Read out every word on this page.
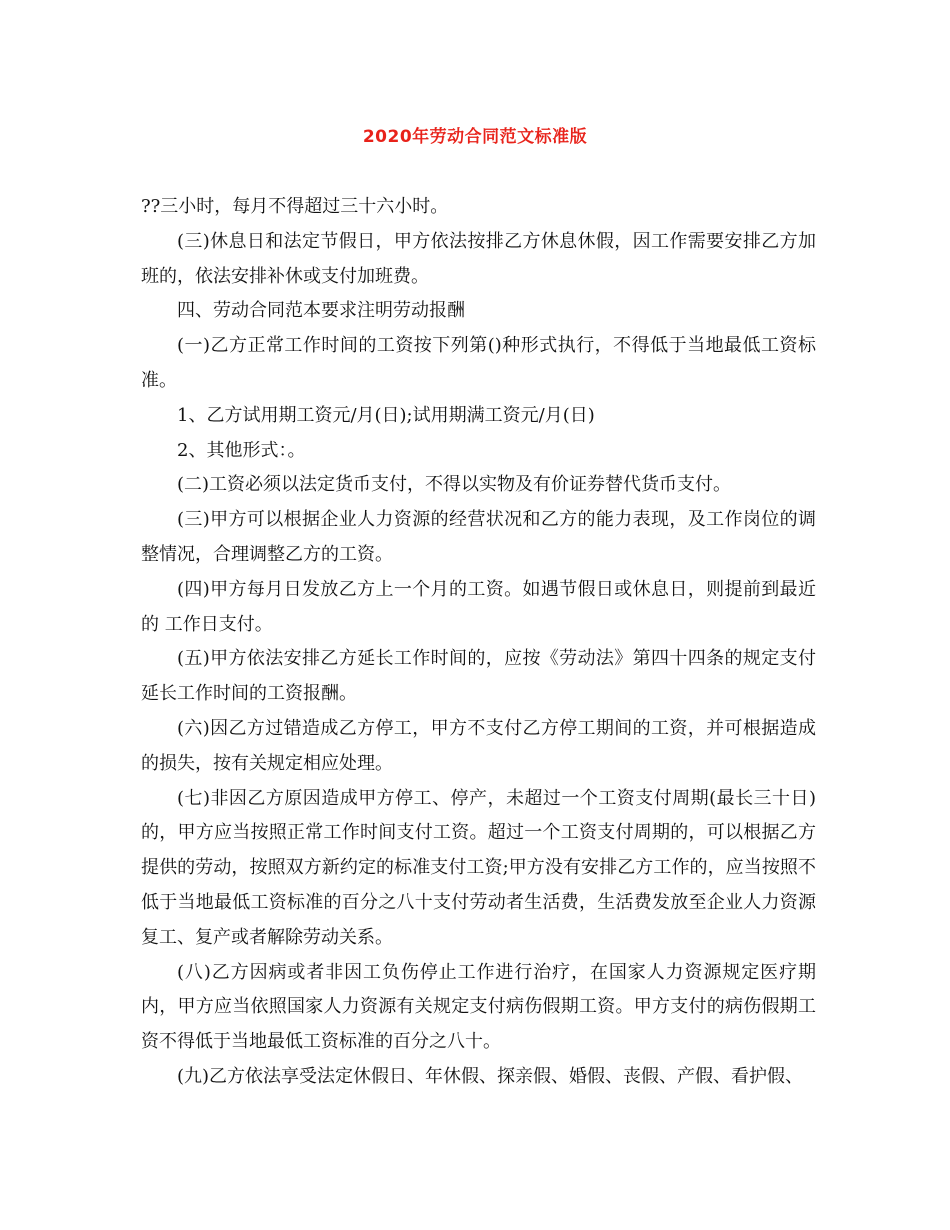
2020年劳动合同范文标准版

??三小时，每月不得超过三十六小时。

(三)休息日和法定节假日，甲方依法按排乙方休息休假，因工作需要安排乙方加班的，依法安排补休或支付加班费。

四、劳动合同范本要求注明劳动报酬

(一)乙方正常工作时间的工资按下列第()种形式执行，不得低于当地最低工资标准。

1、乙方试用期工资元/月(日);试用期满工资元/月(日)

2、其他形式：。

(二)工资必须以法定货币支付，不得以实物及有价证券替代货币支付。

(三)甲方可以根据企业人力资源的经营状况和乙方的能力表现，及工作岗位的调整情况，合理调整乙方的工资。

(四)甲方每月日发放乙方上一个月的工资。如遇节假日或休息日，则提前到最近的 工作日支付。

(五)甲方依法安排乙方延长工作时间的，应按《劳动法》第四十四条的规定支付延长工作时间的工资报酬。

(六)因乙方过错造成乙方停工，甲方不支付乙方停工期间的工资，并可根据造成的损失，按有关规定相应处理。

(七)非因乙方原因造成甲方停工、停产，未超过一个工资支付周期(最长三十日)的，甲方应当按照正常工作时间支付工资。超过一个工资支付周期的，可以根据乙方提供的劳动，按照双方新约定的标准支付工资;甲方没有安排乙方工作的，应当按照不低于当地最低工资标准的百分之八十支付劳动者生活费，生活费发放至企业人力资源复工、复产或者解除劳动关系。

(八)乙方因病或者非因工负伤停止工作进行治疗，在国家人力资源规定医疗期内，甲方应当依照国家人力资源有关规定支付病伤假期工资。甲方支付的病伤假期工资不得低于当地最低工资标准的百分之八十。

(九)乙方依法享受法定休假日、年休假、探亲假、婚假、丧假、产假、看护假、
